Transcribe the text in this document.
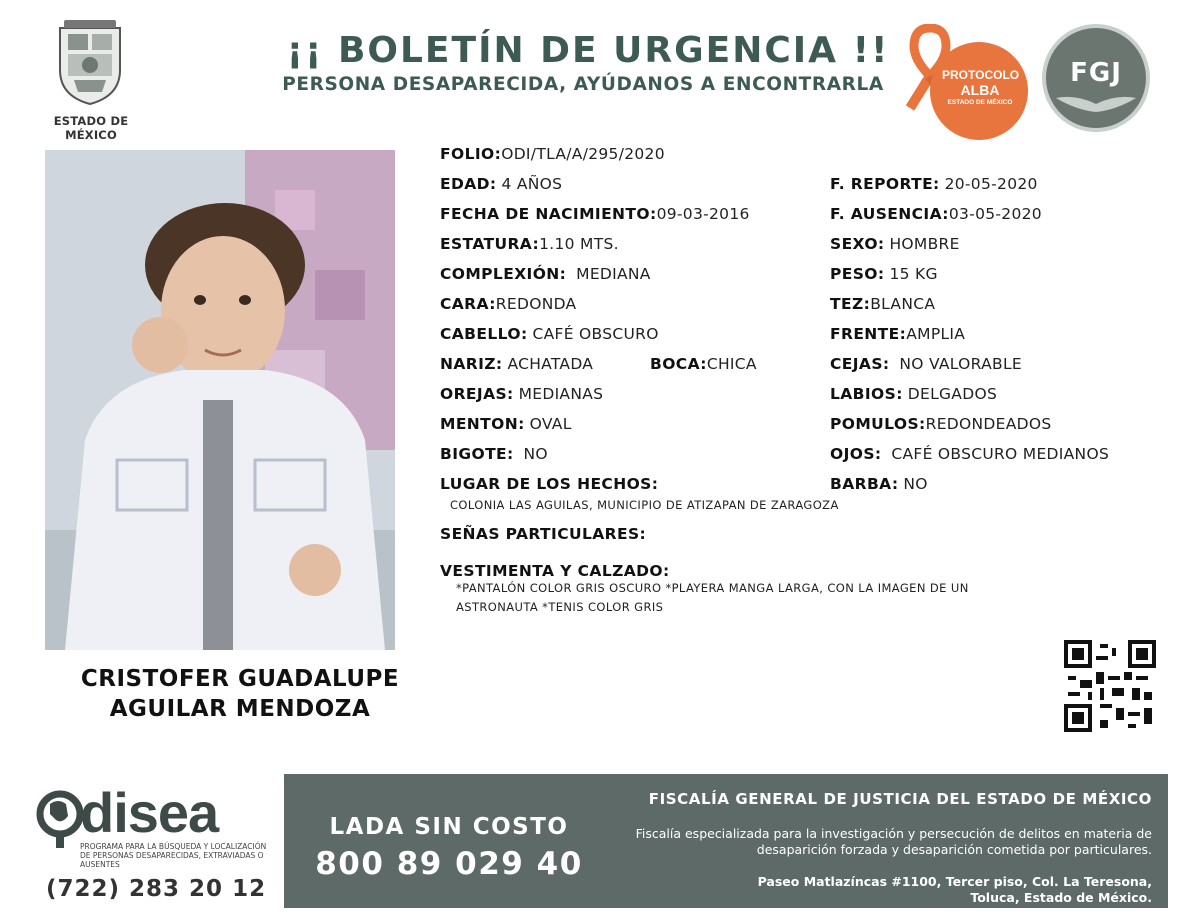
ESTADO DE MÉXICO
¡¡ BOLETÍN DE URGENCIA !!
PERSONA DESAPARECIDA, AYÚDANOS A ENCONTRARLA	PROTOCOLO
ALBA
ESTADO DE MÉXICO
FGJ
CRISTOFER GUADALUPE
AGUILAR MENDOZA
FOLIO:ODI/TLA/A/295/2020
EDAD: 4 AÑOS
FECHA DE NACIMIENTO:09-03-2016
ESTATURA:1.10 MTS.
COMPLEXIÓN: MEDIANA
CARA:REDONDA
CABELLO: CAFÉ OBSCURO
NARIZ: ACHATADA	BOCA:CHICA
OREJAS: MEDIANAS
MENTON: OVAL
BIGOTE: NO
LUGAR DE LOS HECHOS:
COLONIA LAS AGUILAS, MUNICIPIO DE ATIZAPAN DE ZARAGOZA
SEÑAS PARTICULARES:
VESTIMENTA Y CALZADO:
*PANTALÓN COLOR GRIS OSCURO *PLAYERA MANGA LARGA, CON LA IMAGEN DE UN
ASTRONAUTA *TENIS COLOR GRIS
F. REPORTE: 20-05-2020
F. AUSENCIA:03-05-2020
SEXO: HOMBRE
PESO: 15 KG
TEZ:BLANCA
FRENTE:AMPLIA
CEJAS: NO VALORABLE
LABIOS: DELGADOS
POMULOS:REDONDEADOS
OJOS: CAFÉ OBSCURO MEDIANOS
BARBA: NO
disea
PROGRAMA PARA LA BÚSQUEDA Y LOCALIZACIÓN DE PERSONAS DESAPARECIDAS, EXTRAVIADAS O AUSENTES
(722) 283 20 12
LADA SIN COSTO
800 89 029 40
FISCALÍA GENERAL DE JUSTICIA DEL ESTADO DE MÉXICO
Fiscalía especializada para la investigación y persecución de delitos en materia de desaparición forzada y desaparición cometida por particulares.
Paseo Matlazíncas #1100, Tercer piso, Col. La Teresona,
Toluca, Estado de México.
